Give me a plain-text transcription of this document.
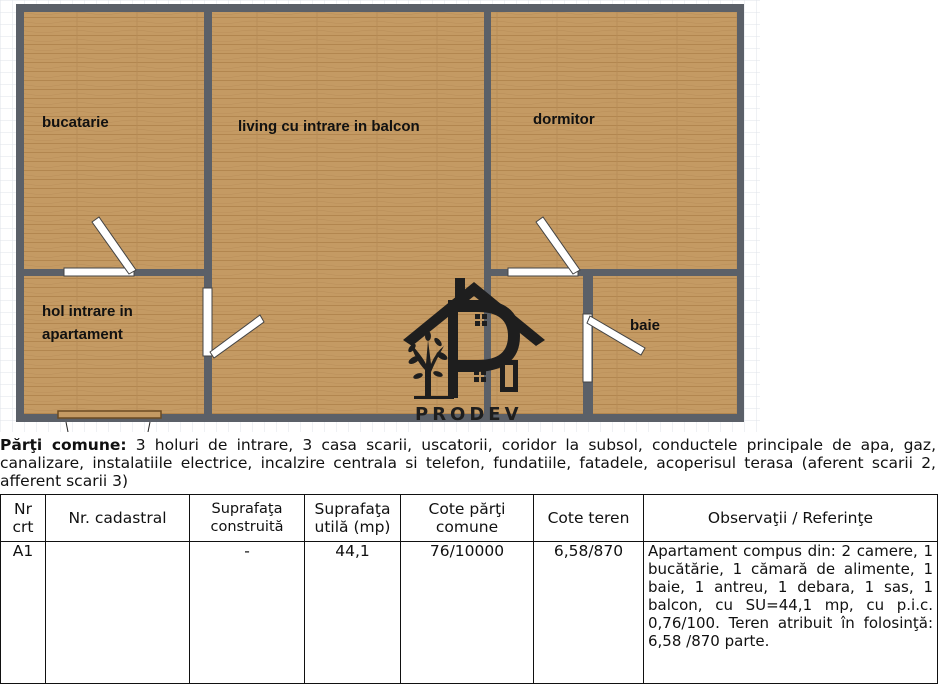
bucatarie	living cu intrare in balcon	dormitor
hol intrare in
apartament
baie
PRODEV
Părţi comune: 3 holuri de intrare, 3 casa scarii, uscatorii, coridor la subsol, conductele principale de apa, gaz, canalizare, instalatiile electrice, incalzire centrala si telefon, fundatiile, fatadele, acoperisul terasa (aferent scarii 2, afferent scarii 3)
Nr crt	Nr. cadastral	Suprafaţa construită	Suprafaţa utilă (mp)	Cote părţi comune	Cote teren	Observaţii / Referinţe
A1		-	44,1	76/10000	6,58/870	Apartament compus din: 2 camere, 1 bucătărie, 1 cămară de alimente, 1 baie, 1 antreu, 1 debara, 1 sas, 1 balcon, cu SU=44,1 mp, cu p.i.c. 0,76/100. Teren atribuit în folosinţă: 6,58 /870 parte.
